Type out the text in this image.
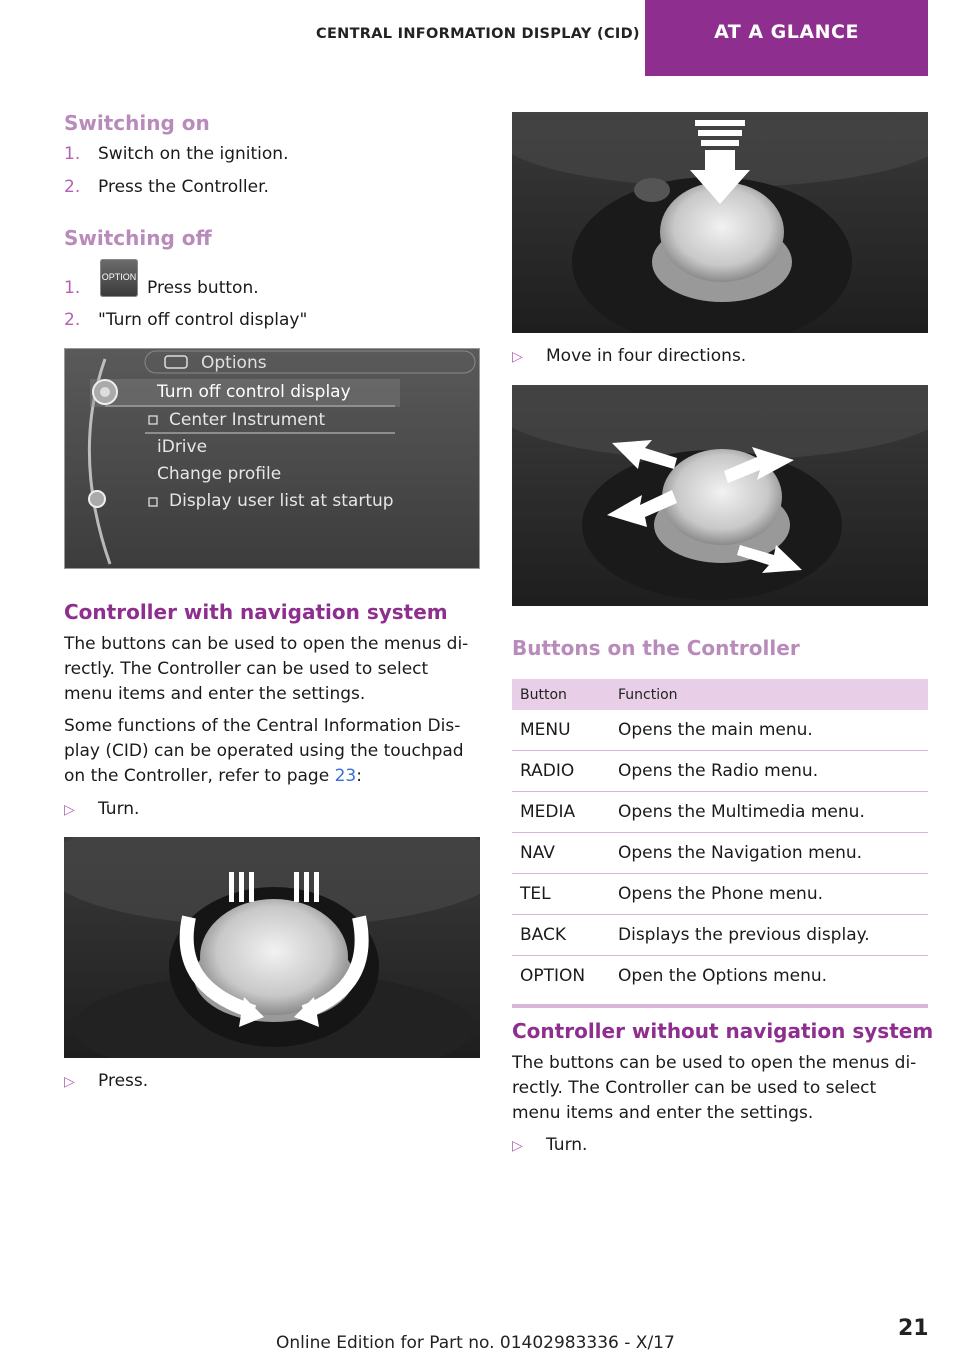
CENTRAL INFORMATION DISPLAY (CID)	AT A GLANCE
Switching on
1. Switch on the ignition.
2. Press the Controller.
Switching off
1.
OPTION
Press button.
2. "Turn off control display"
Options
Turn off control display
Center Instrument
iDrive
Change profile
Display user list at startup
Controller with navigation system
The buttons can be used to open the menus di-
rectly. The Controller can be used to select
menu items and enter the settings.
Some functions of the Central Information Dis-
play (CID) can be operated using the touchpad
on the Controller, refer to page 23:
▷ Turn.
▷ Press.
▷ Move in four directions.
Buttons on the Controller
Button	Function
MENU	Opens the main menu.
RADIO	Opens the Radio menu.
MEDIA	Opens the Multimedia menu.
NAV	Opens the Navigation menu.
TEL	Opens the Phone menu.
BACK	Displays the previous display.
OPTION Open the Options menu.
Controller without navigation system
The buttons can be used to open the menus di-
rectly. The Controller can be used to select
menu items and enter the settings.
▷ Turn.
21
Online Edition for Part no. 01402983336 - X/17
